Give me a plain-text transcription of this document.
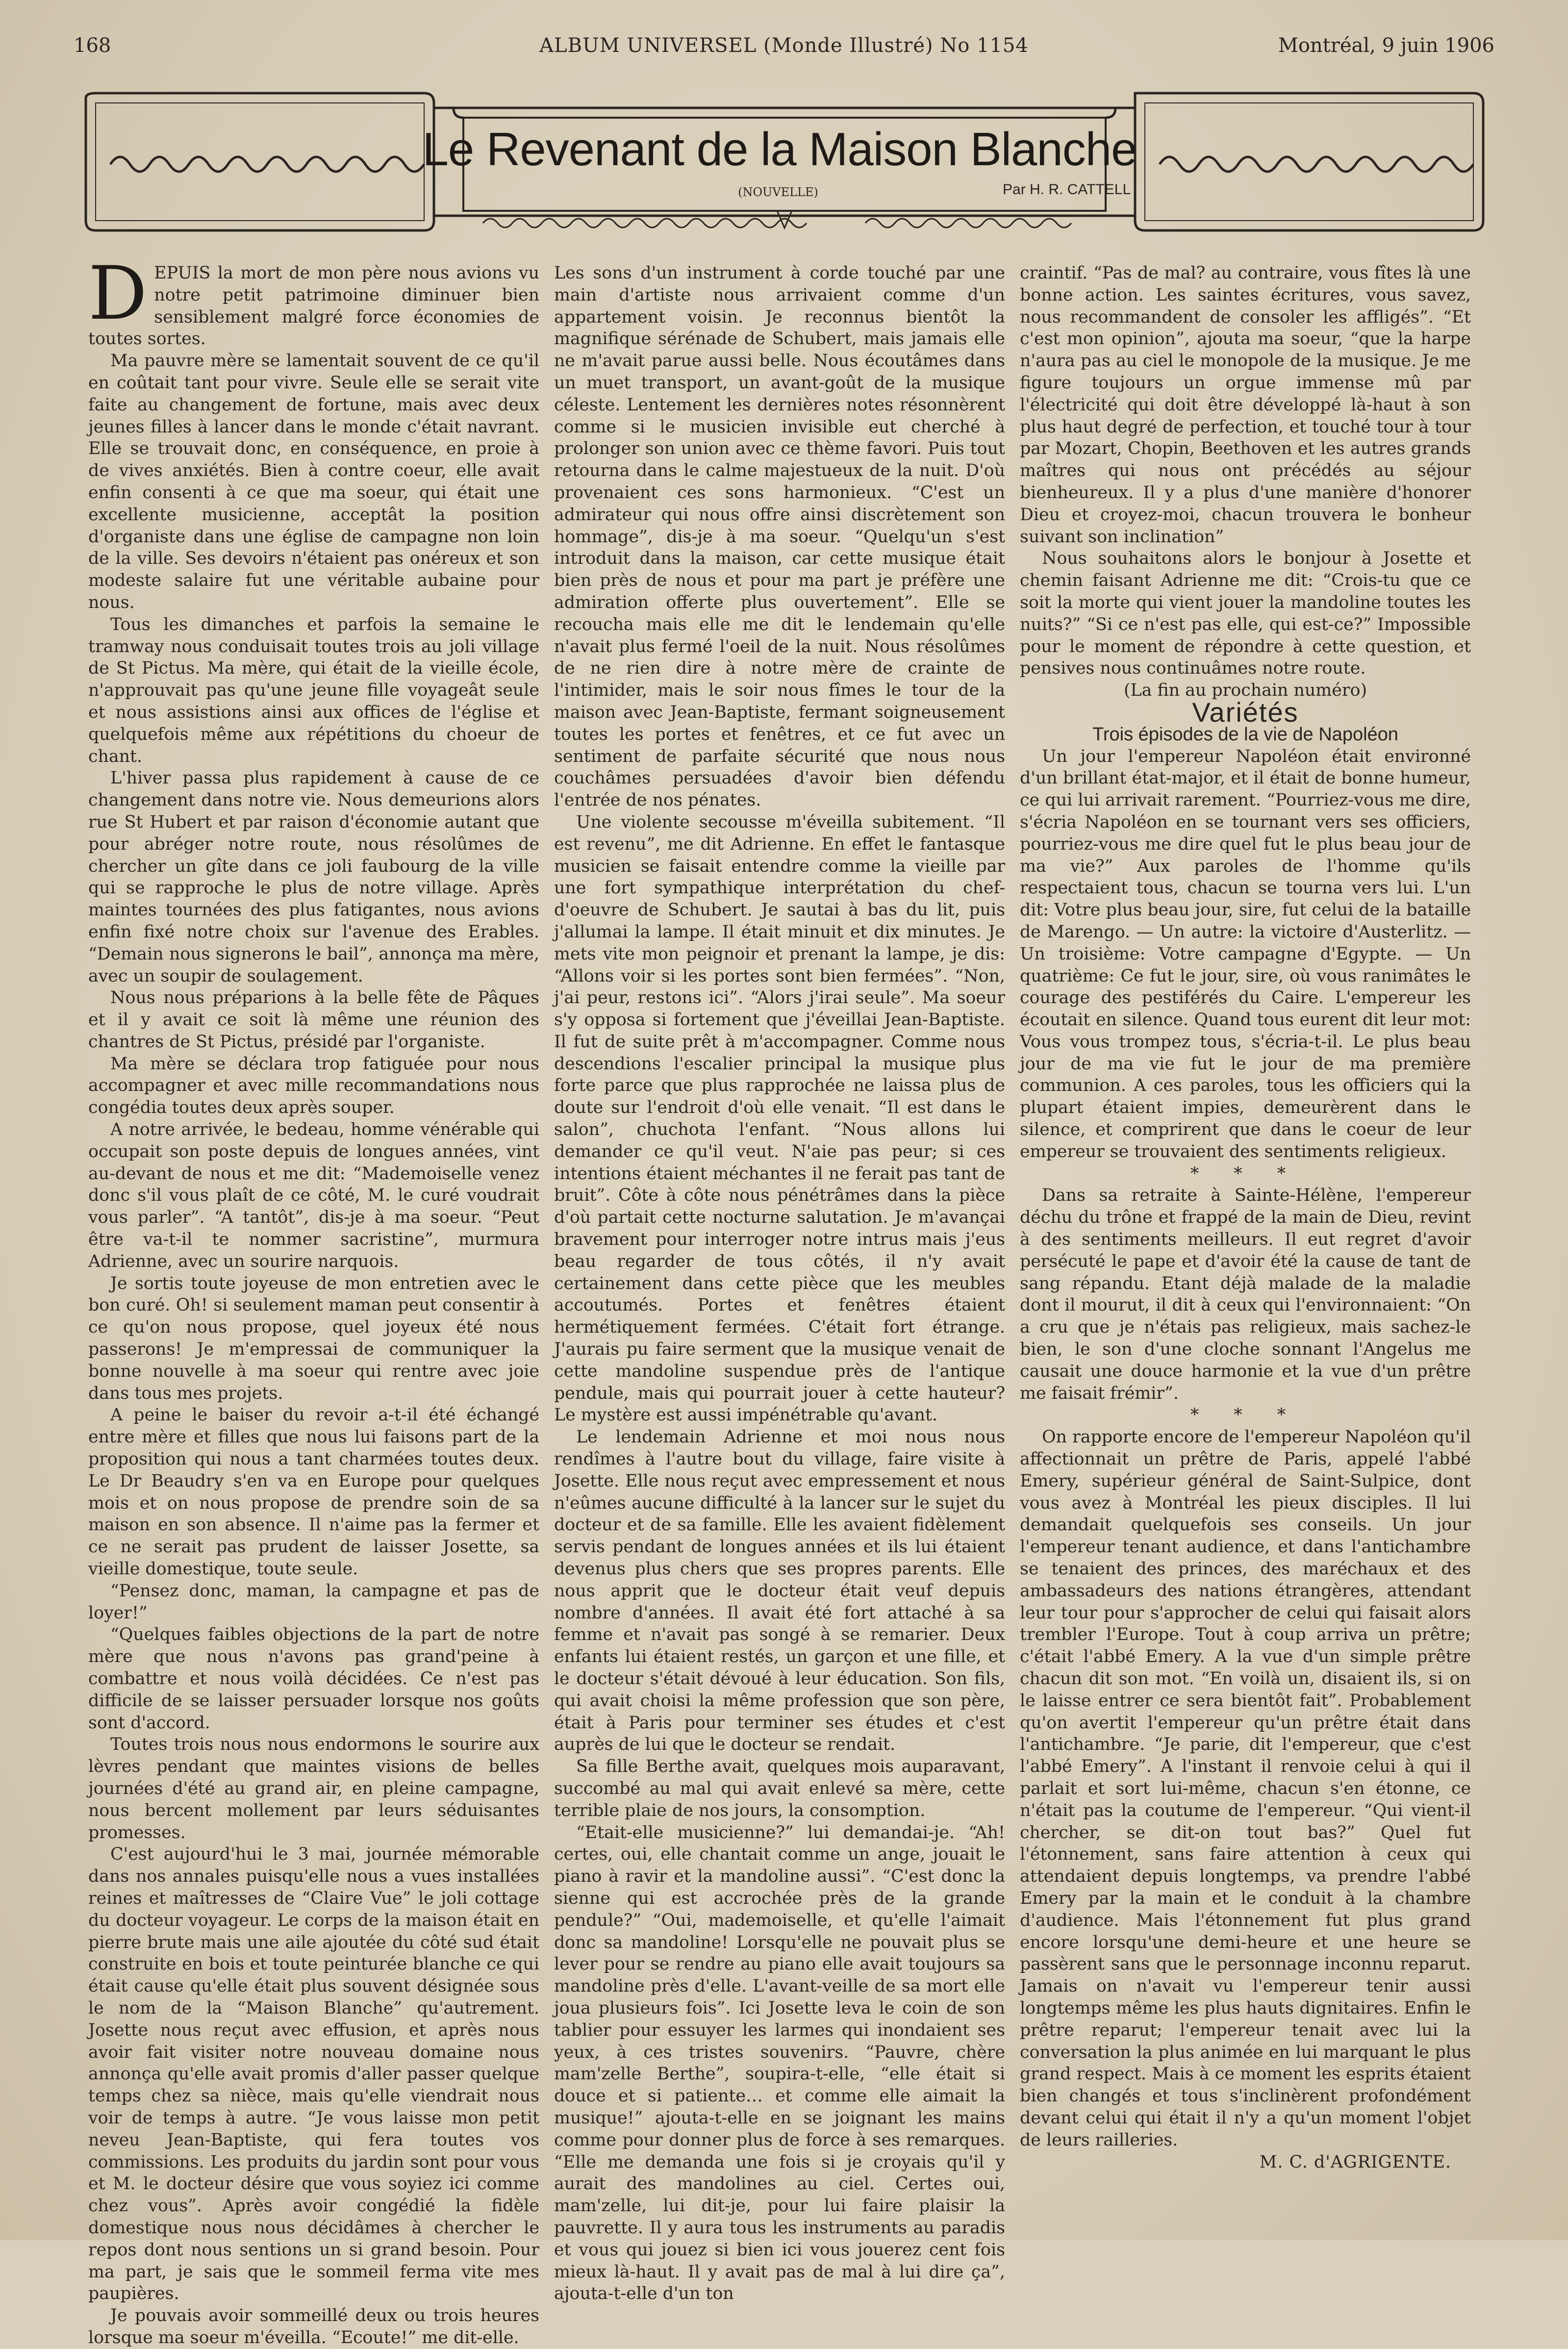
168	ALBUM UNIVERSEL (Monde Illustré) No 1154	Montréal, 9 juin 1906
Le Revenant de la Maison Blanche
(NOUVELLE)	Par H. R. CATTELL

DEPUIS la mort de mon père nous avions vu notre petit patrimoine diminuer bien sensiblement malgré force économies de toutes sortes.

Ma pauvre mère se lamentait souvent de ce qu'il en coûtait tant pour vivre. Seule elle se serait vite faite au changement de fortune, mais avec deux jeunes filles à lancer dans le monde c'était navrant. Elle se trouvait donc, en conséquence, en proie à de vives anxiétés. Bien à contre coeur, elle avait enfin consenti à ce que ma soeur, qui était une excellente musicienne, acceptât la position d'organiste dans une église de campagne non loin de la ville. Ses devoirs n'étaient pas onéreux et son modeste salaire fut une véritable aubaine pour nous.

Tous les dimanches et parfois la semaine le tramway nous conduisait toutes trois au joli village de St Pictus. Ma mère, qui était de la vieille école, n'approuvait pas qu'une jeune fille voyageât seule et nous assistions ainsi aux offices de l'église et quelquefois même aux répétitions du choeur de chant.

L'hiver passa plus rapidement à cause de ce changement dans notre vie. Nous demeurions alors rue St Hubert et par raison d'économie autant que pour abréger notre route, nous résolûmes de chercher un gîte dans ce joli faubourg de la ville qui se rapproche le plus de notre village. Après maintes tournées des plus fatigantes, nous avions enfin fixé notre choix sur l'avenue des Erables. “Demain nous signerons le bail”, annonça ma mère, avec un soupir de soulagement.

Nous nous préparions à la belle fête de Pâques et il y avait ce soit là même une réunion des chantres de St Pictus, présidé par l'organiste.

Ma mère se déclara trop fatiguée pour nous accompagner et avec mille recommandations nous congédia toutes deux après souper.

A notre arrivée, le bedeau, homme vénérable qui occupait son poste depuis de longues années, vint au-devant de nous et me dit: “Mademoiselle venez donc s'il vous plaît de ce côté, M. le curé voudrait vous parler”. “A tantôt”, dis-je à ma soeur. “Peut être va-t-il te nommer sacristine”, murmura Adrienne, avec un sourire narquois.

Je sortis toute joyeuse de mon entretien avec le bon curé. Oh! si seulement maman peut consentir à ce qu'on nous propose, quel joyeux été nous passerons! Je m'empressai de communiquer la bonne nouvelle à ma soeur qui rentre avec joie dans tous mes projets.

A peine le baiser du revoir a-t-il été échangé entre mère et filles que nous lui faisons part de la proposition qui nous a tant charmées toutes deux. Le Dr Beaudry s'en va en Europe pour quelques mois et on nous propose de prendre soin de sa maison en son absence. Il n'aime pas la fermer et ce ne serait pas prudent de laisser Josette, sa vieille domestique, toute seule.

“Pensez donc, maman, la campagne et pas de loyer!”

“Quelques faibles objections de la part de notre mère que nous n'avons pas grand'peine à combattre et nous voilà décidées. Ce n'est pas difficile de se laisser persuader lorsque nos goûts sont d'accord.

Toutes trois nous nous endormons le sourire aux lèvres pendant que maintes visions de belles journées d'été au grand air, en pleine campagne, nous bercent mollement par leurs séduisantes promesses.

C'est aujourd'hui le 3 mai, journée mémorable dans nos annales puisqu'elle nous a vues installées reines et maîtresses de “Claire Vue” le joli cottage du docteur voyageur. Le corps de la maison était en pierre brute mais une aile ajoutée du côté sud était construite en bois et toute peinturée blanche ce qui était cause qu'elle était plus souvent désignée sous le nom de la “Maison Blanche” qu'autrement. Josette nous reçut avec effusion, et après nous avoir fait visiter notre nouveau domaine nous annonça qu'elle avait promis d'aller passer quelque temps chez sa nièce, mais qu'elle viendrait nous voir de temps à autre. “Je vous laisse mon petit neveu Jean-Baptiste, qui fera toutes vos commissions. Les produits du jardin sont pour vous et M. le docteur désire que vous soyiez ici comme chez vous”. Après avoir congédié la fidèle domestique nous nous décidâmes à chercher le repos dont nous sentions un si grand besoin. Pour ma part, je sais que le sommeil ferma vite mes paupières.

Je pouvais avoir sommeillé deux ou trois heures lorsque ma soeur m'éveilla. “Ecoute!” me dit-elle.

Les sons d'un instrument à corde touché par une main d'artiste nous arrivaient comme d'un appartement voisin. Je reconnus bientôt la magnifique sérénade de Schubert, mais jamais elle ne m'avait parue aussi belle. Nous écoutâmes dans un muet transport, un avant-goût de la musique céleste. Lentement les dernières notes résonnèrent comme si le musicien invisible eut cherché à prolonger son union avec ce thème favori. Puis tout retourna dans le calme majestueux de la nuit. D'où provenaient ces sons harmonieux. “C'est un admirateur qui nous offre ainsi discrètement son hommage”, dis-je à ma soeur. “Quelqu'un s'est introduit dans la maison, car cette musique était bien près de nous et pour ma part je préfère une admiration offerte plus ouvertement”. Elle se recoucha mais elle me dit le lendemain qu'elle n'avait plus fermé l'oeil de la nuit. Nous résolûmes de ne rien dire à notre mère de crainte de l'intimider, mais le soir nous fîmes le tour de la maison avec Jean-Baptiste, fermant soigneusement toutes les portes et fenêtres, et ce fut avec un sentiment de parfaite sécurité que nous nous couchâmes persuadées d'avoir bien défendu l'entrée de nos pénates.

Une violente secousse m'éveilla subitement. “Il est revenu”, me dit Adrienne. En effet le fantasque musicien se faisait entendre comme la vieille par une fort sympathique interprétation du chef-d'oeuvre de Schubert. Je sautai à bas du lit, puis j'allumai la lampe. Il était minuit et dix minutes. Je mets vite mon peignoir et prenant la lampe, je dis: “Allons voir si les portes sont bien fermées”. “Non, j'ai peur, restons ici”. “Alors j'irai seule”. Ma soeur s'y opposa si fortement que j'éveillai Jean-Baptiste. Il fut de suite prêt à m'accompagner. Comme nous descendions l'escalier principal la musique plus forte parce que plus rapprochée ne laissa plus de doute sur l'endroit d'où elle venait. “Il est dans le salon”, chuchota l'enfant. “Nous allons lui demander ce qu'il veut. N'aie pas peur; si ces intentions étaient méchantes il ne ferait pas tant de bruit”. Côte à côte nous pénétrâmes dans la pièce d'où partait cette nocturne salutation. Je m'avançai bravement pour interroger notre intrus mais j'eus beau regarder de tous côtés, il n'y avait certainement dans cette pièce que les meubles accoutumés. Portes et fenêtres étaient hermétiquement fermées. C'était fort étrange. J'aurais pu faire serment que la musique venait de cette mandoline suspendue près de l'antique pendule, mais qui pourrait jouer à cette hauteur? Le mystère est aussi impénétrable qu'avant.

Le lendemain Adrienne et moi nous nous rendîmes à l'autre bout du village, faire visite à Josette. Elle nous reçut avec empressement et nous n'eûmes aucune difficulté à la lancer sur le sujet du docteur et de sa famille. Elle les avaient fidèlement servis pendant de longues années et ils lui étaient devenus plus chers que ses propres parents. Elle nous apprit que le docteur était veuf depuis nombre d'années. Il avait été fort attaché à sa femme et n'avait pas songé à se remarier. Deux enfants lui étaient restés, un garçon et une fille, et le docteur s'était dévoué à leur éducation. Son fils, qui avait choisi la même profession que son père, était à Paris pour terminer ses études et c'est auprès de lui que le docteur se rendait.

Sa fille Berthe avait, quelques mois auparavant, succombé au mal qui avait enlevé sa mère, cette terrible plaie de nos jours, la consomption.

“Etait-elle musicienne?” lui demandai-je. “Ah! certes, oui, elle chantait comme un ange, jouait le piano à ravir et la mandoline aussi”. “C'est donc la sienne qui est accrochée près de la grande pendule?” “Oui, mademoiselle, et qu'elle l'aimait donc sa mandoline! Lorsqu'elle ne pouvait plus se lever pour se rendre au piano elle avait toujours sa mandoline près d'elle. L'avant-veille de sa mort elle joua plusieurs fois”. Ici Josette leva le coin de son tablier pour essuyer les larmes qui inondaient ses yeux, à ces tristes souvenirs. “Pauvre, chère mam'zelle Berthe”, soupira-t-elle, “elle était si douce et si patiente… et comme elle aimait la musique!” ajouta-t-elle en se joignant les mains comme pour donner plus de force à ses remarques. “Elle me demanda une fois si je croyais qu'il y aurait des mandolines au ciel. Certes oui, mam'zelle, lui dit-je, pour lui faire plaisir la pauvrette. Il y aura tous les instruments au paradis et vous qui jouez si bien ici vous jouerez cent fois mieux là-haut. Il y avait pas de mal à lui dire ça”, ajouta-t-elle d'un ton

craintif. “Pas de mal? au contraire, vous fîtes là une bonne action. Les saintes écritures, vous savez, nous recommandent de consoler les affligés”. “Et c'est mon opinion”, ajouta ma soeur, “que la harpe n'aura pas au ciel le monopole de la musique. Je me figure toujours un orgue immense mû par l'électricité qui doit être développé là-haut à son plus haut degré de perfection, et touché tour à tour par Mozart, Chopin, Beethoven et les autres grands maîtres qui nous ont précédés au séjour bienheureux. Il y a plus d'une manière d'honorer Dieu et croyez-moi, chacun trouvera le bonheur suivant son inclination”

Nous souhaitons alors le bonjour à Josette et chemin faisant Adrienne me dit: “Crois-tu que ce soit la morte qui vient jouer la mandoline toutes les nuits?” “Si ce n'est pas elle, qui est-ce?” Impossible pour le moment de répondre à cette question, et pensives nous continuâmes notre route.

(La fin au prochain numéro)

Variétés

Trois épisodes de la vie de Napoléon

Un jour l'empereur Napoléon était environné d'un brillant état-major, et il était de bonne humeur, ce qui lui arrivait rarement. “Pourriez-vous me dire, s'écria Napoléon en se tournant vers ses officiers, pourriez-vous me dire quel fut le plus beau jour de ma vie?” Aux paroles de l'homme qu'ils respectaient tous, chacun se tourna vers lui. L'un dit: Votre plus beau jour, sire, fut celui de la bataille de Marengo. — Un autre: la victoire d'Austerlitz. — Un troisième: Votre campagne d'Egypte. — Un quatrième: Ce fut le jour, sire, où vous ranimâtes le courage des pestiférés du Caire. L'empereur les écoutait en silence. Quand tous eurent dit leur mot: Vous vous trompez tous, s'écria-t-il. Le plus beau jour de ma vie fut le jour de ma première communion. A ces paroles, tous les officiers qui la plupart étaient impies, demeurèrent dans le silence, et comprirent que dans le coeur de leur empereur se trouvaient des sentiments religieux.

* * *

Dans sa retraite à Sainte-Hélène, l'empereur déchu du trône et frappé de la main de Dieu, revint à des sentiments meilleurs. Il eut regret d'avoir persécuté le pape et d'avoir été la cause de tant de sang répandu. Etant déjà malade de la maladie dont il mourut, il dit à ceux qui l'environnaient: “On a cru que je n'étais pas religieux, mais sachez-le bien, le son d'une cloche sonnant l'Angelus me causait une douce harmonie et la vue d'un prêtre me faisait frémir”.

* * *

On rapporte encore de l'empereur Napoléon qu'il affectionnait un prêtre de Paris, appelé l'abbé Emery, supérieur général de Saint-Sulpice, dont vous avez à Montréal les pieux disciples. Il lui demandait quelquefois ses conseils. Un jour l'empereur tenant audience, et dans l'antichambre se tenaient des princes, des maréchaux et des ambassadeurs des nations étrangères, attendant leur tour pour s'approcher de celui qui faisait alors trembler l'Europe. Tout à coup arriva un prêtre; c'était l'abbé Emery. A la vue d'un simple prêtre chacun dit son mot. “En voilà un, disaient ils, si on le laisse entrer ce sera bientôt fait”. Probablement qu'on avertit l'empereur qu'un prêtre était dans l'antichambre. “Je parie, dit l'empereur, que c'est l'abbé Emery”. A l'instant il renvoie celui à qui il parlait et sort lui-même, chacun s'en étonne, ce n'était pas la coutume de l'empereur. “Qui vient-il chercher, se dit-on tout bas?” Quel fut l'étonnement, sans faire attention à ceux qui attendaient depuis longtemps, va prendre l'abbé Emery par la main et le conduit à la chambre d'audience. Mais l'étonnement fut plus grand encore lorsqu'une demi-heure et une heure se passèrent sans que le personnage inconnu reparut. Jamais on n'avait vu l'empereur tenir aussi longtemps même les plus hauts dignitaires. Enfin le prêtre reparut; l'empereur tenait avec lui la conversation la plus animée en lui marquant le plus grand respect. Mais à ce moment les esprits étaient bien changés et tous s'inclinèrent profondément devant celui qui était il n'y a qu'un moment l'objet de leurs railleries.

M. C. d'AGRIGENTE.
